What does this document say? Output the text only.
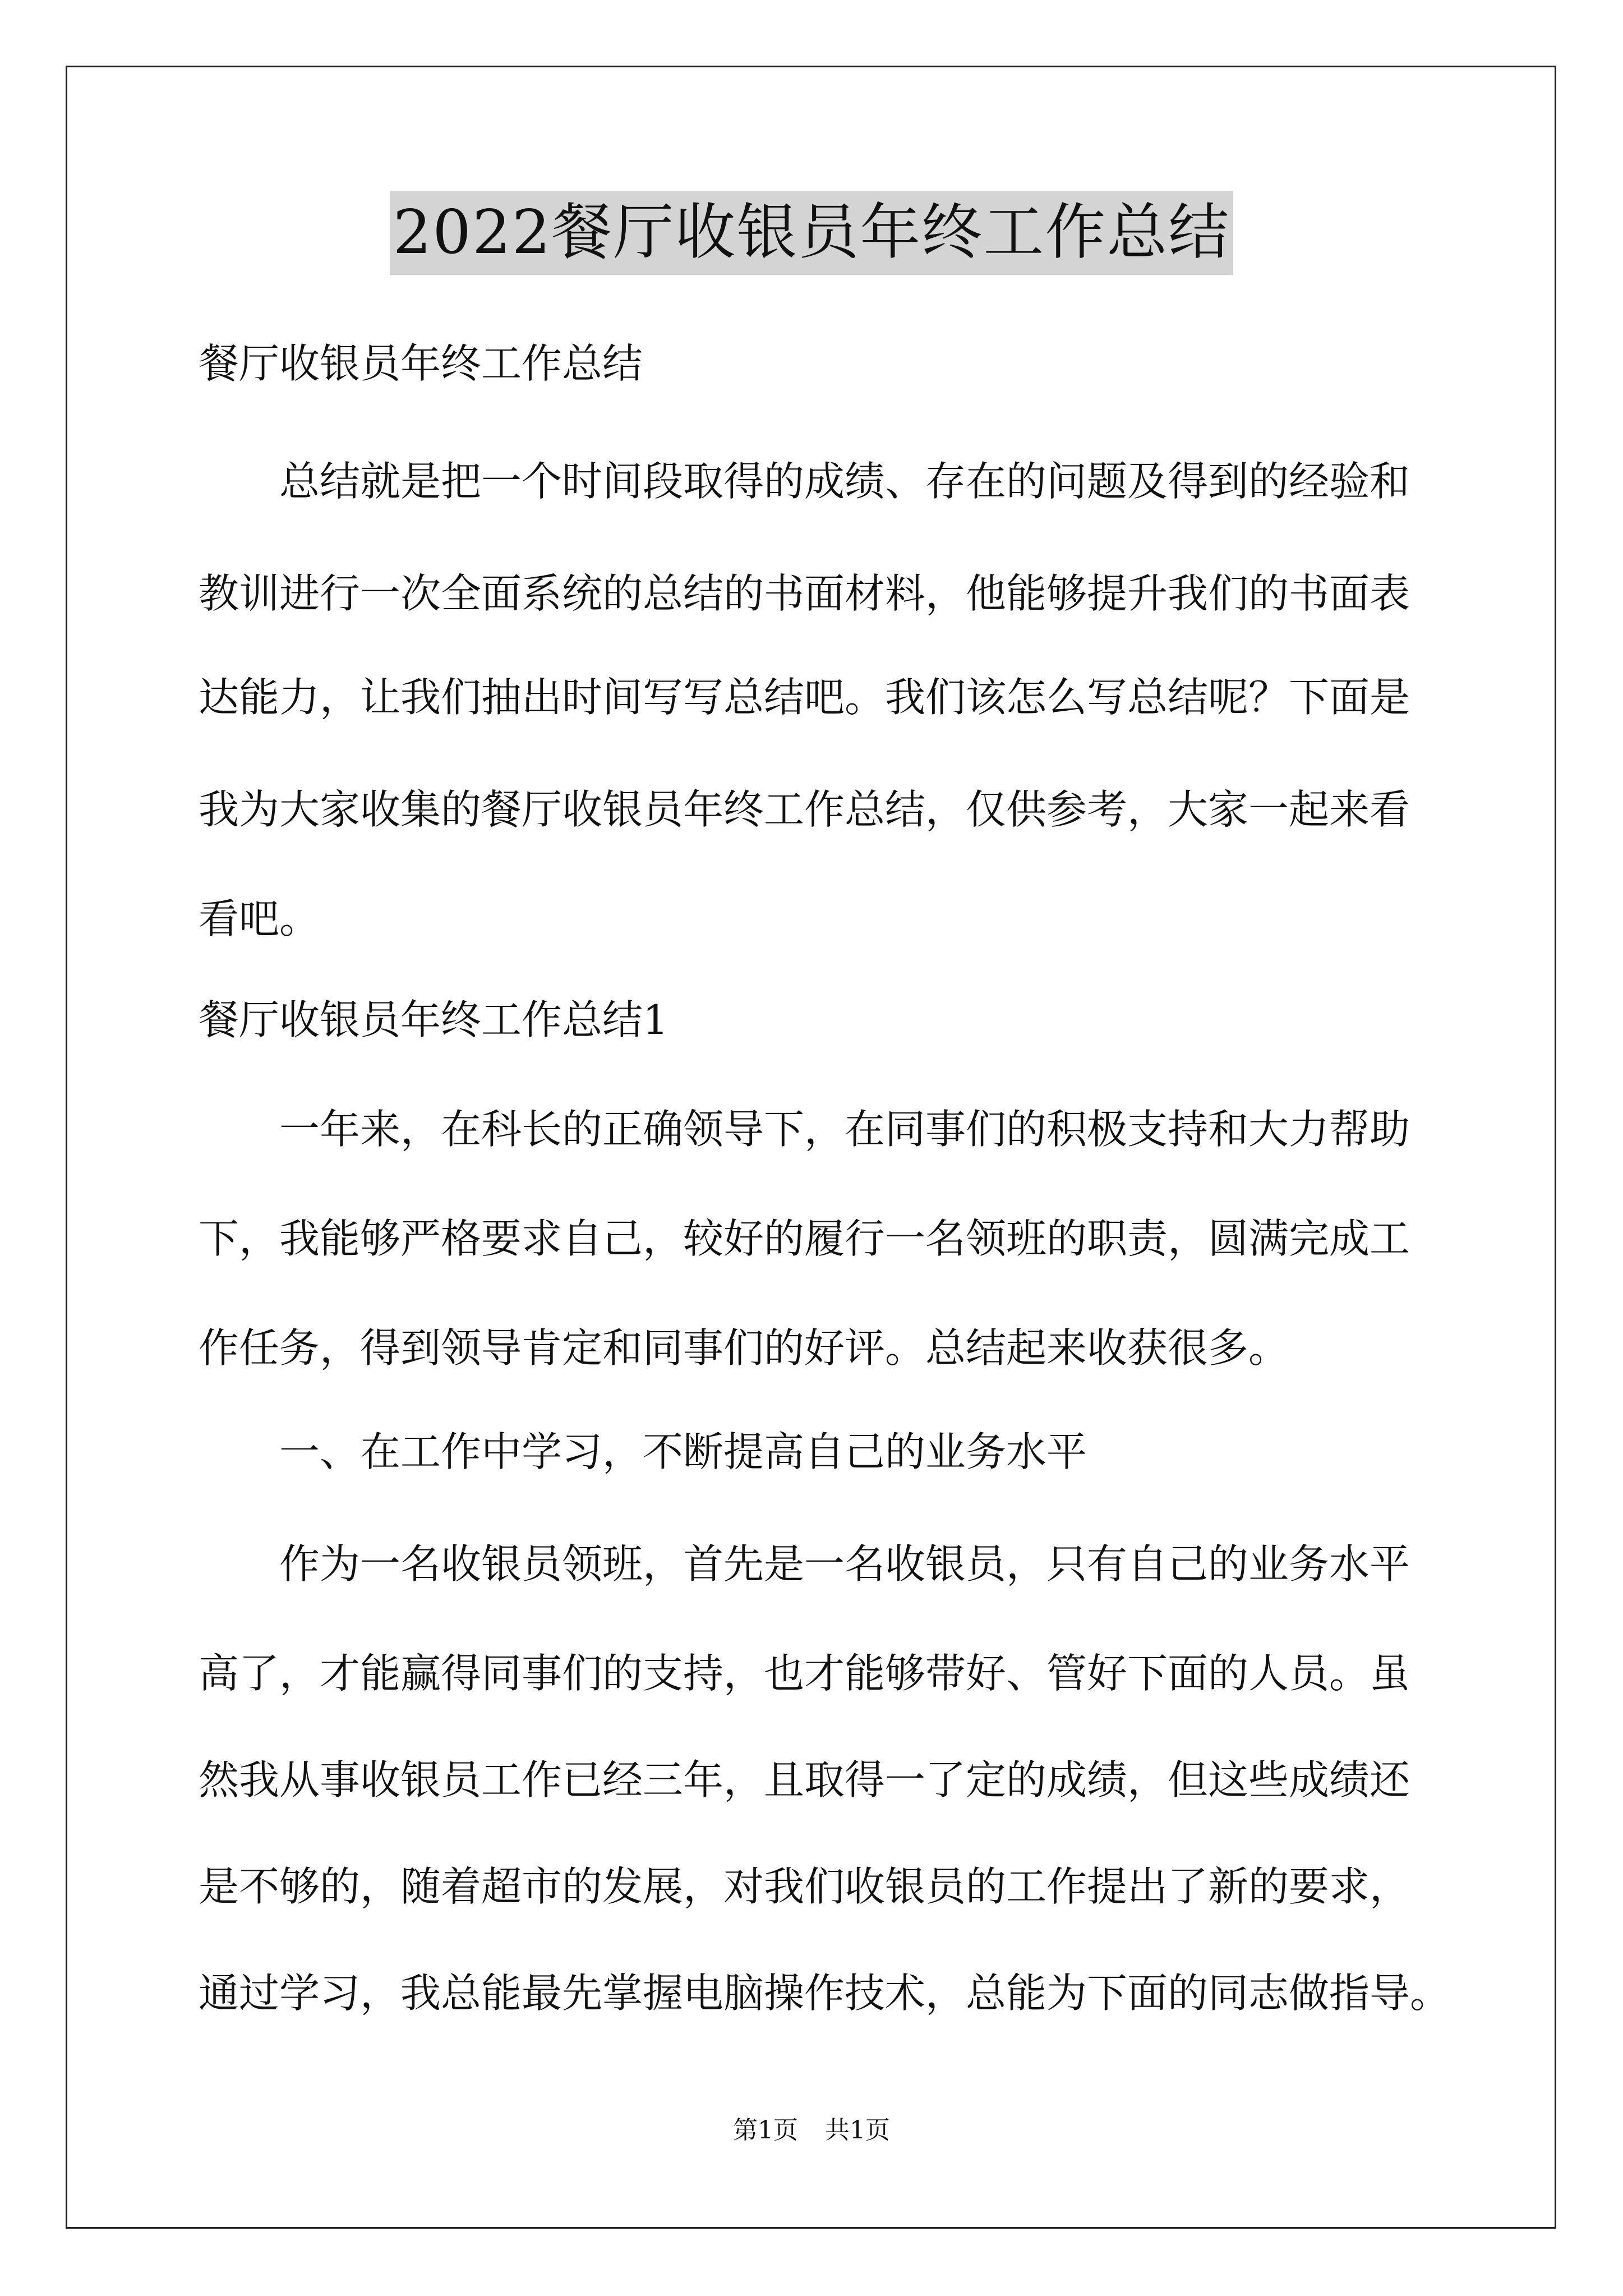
2022餐厅收银员年终工作总结

餐厅收银员年终工作总结

　　总结就是把一个时间段取得的成绩、存在的问题及得到的经验和

教训进行一次全面系统的总结的书面材料，他能够提升我们的书面表

达能力，让我们抽出时间写写总结吧。我们该怎么写总结呢？下面是

我为大家收集的餐厅收银员年终工作总结，仅供参考，大家一起来看

看吧。

餐厅收银员年终工作总结1

　　一年来，在科长的正确领导下，在同事们的积极支持和大力帮助

下，我能够严格要求自己，较好的履行一名领班的职责，圆满完成工

作任务，得到领导肯定和同事们的好评。总结起来收获很多。

　　一、在工作中学习，不断提高自己的业务水平

　　作为一名收银员领班，首先是一名收银员，只有自己的业务水平

高了，才能赢得同事们的支持，也才能够带好、管好下面的人员。虽

然我从事收银员工作已经三年，且取得一了定的成绩，但这些成绩还

是不够的，随着超市的发展，对我们收银员的工作提出了新的要求，

通过学习，我总能最先掌握电脑操作技术，总能为下面的同志做指导。

第1页 共1页
